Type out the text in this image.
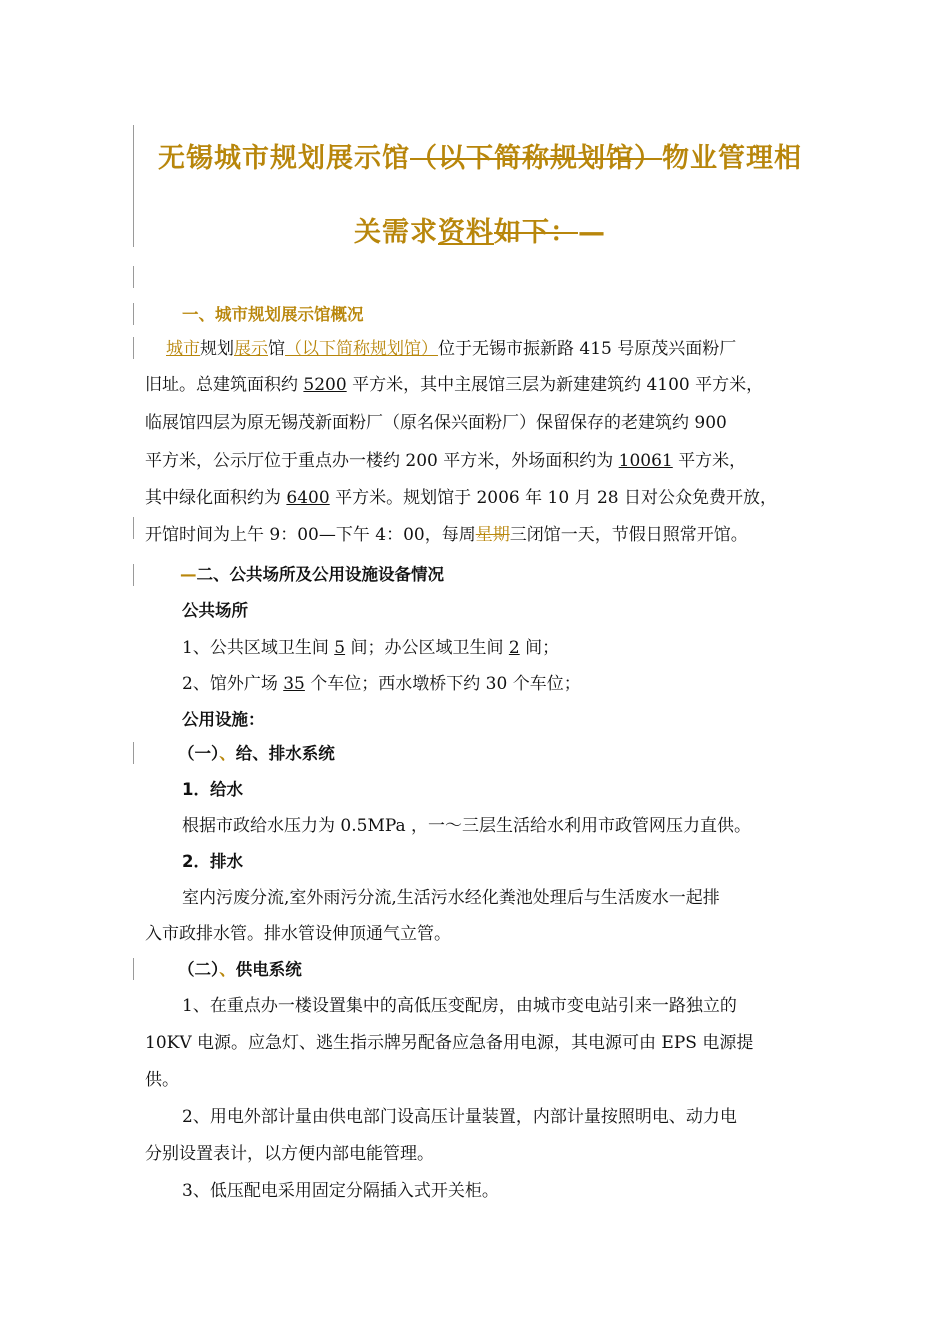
无锡城市规划展示馆（以下简称规划馆）物业管理相
关需求资料如下：—
一、城市规划展示馆概况
城市规划展示馆（以下简称规划馆）位于无锡市振新路 415 号原茂兴面粉厂
旧址。总建筑面积约 5200 平方米，其中主展馆三层为新建建筑约 4100 平方米，
临展馆四层为原无锡茂新面粉厂（原名保兴面粉厂）保留保存的老建筑约 900
平方米，公示厅位于重点办一楼约 200 平方米，外场面积约为 10061 平方米，
其中绿化面积约为 6400 平方米。规划馆于 2006 年 10 月 28 日对公众免费开放，
开馆时间为上午 9：00—下午 4：00，每周星期三闭馆一天，节假日照常开馆。
—二、公共场所及公用设施设备情况
公共场所
1、公共区域卫生间 5 间；办公区域卫生间 2 间；
2、馆外广场 35 个车位；西水墩桥下约 30 个车位；
公用设施：
（一）、给、排水系统
1．给水
根据市政给水压力为 0.5MPa ，一～三层生活给水利用市政管网压力直供。
2．排水
室内污废分流,室外雨污分流,生活污水经化粪池处理后与生活废水一起排
入市政排水管。排水管设伸顶通气立管。
（二）、供电系统
1、在重点办一楼设置集中的高低压变配房，由城市变电站引来一路独立的
10KV 电源。应急灯、逃生指示牌另配备应急备用电源，其电源可由 EPS 电源提
供。
2、用电外部计量由供电部门设高压计量装置，内部计量按照明电、动力电
分别设置表计，以方便内部电能管理。
3、低压配电采用固定分隔插入式开关柜。
